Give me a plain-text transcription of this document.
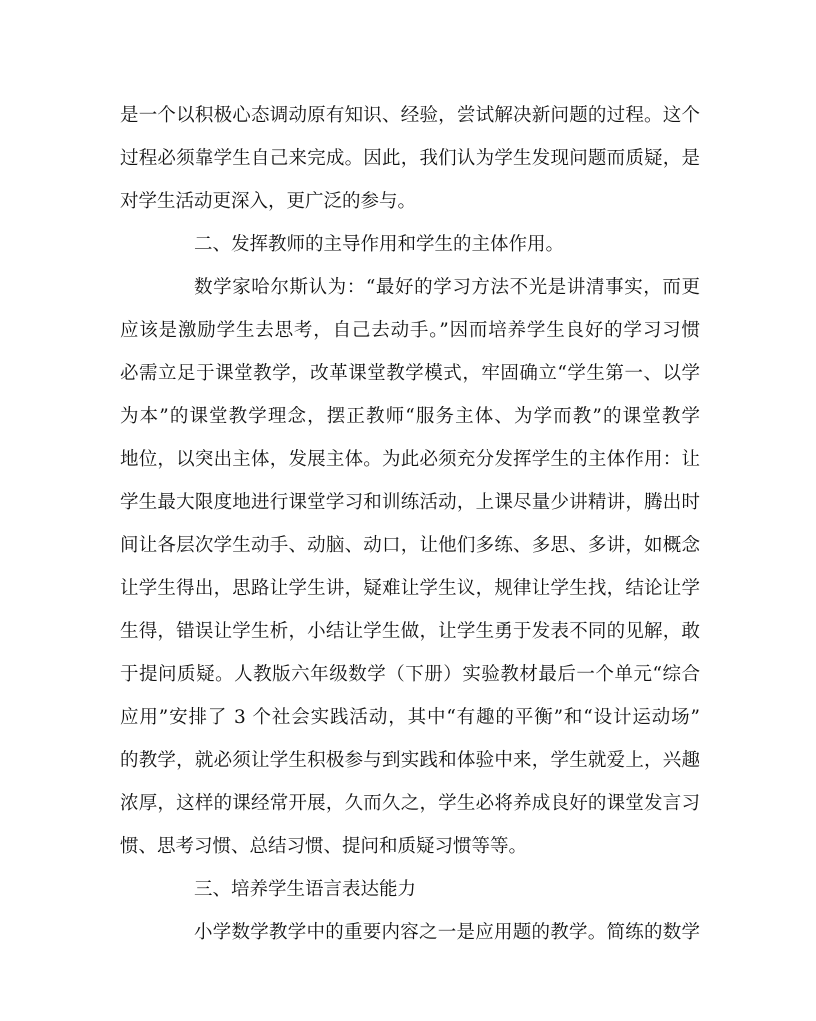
是一个以积极心态调动原有知识、经验，尝试解决新问题的过程。这个
过程必须靠学生自己来完成。因此，我们认为学生发现问题而质疑，是
对学生活动更深入，更广泛的参与。
二、发挥教师的主导作用和学生的主体作用。
数学家哈尔斯认为：“最好的学习方法不光是讲清事实，而更
应该是激励学生去思考，自己去动手。”因而培养学生良好的学习习惯
必需立足于课堂教学，改革课堂教学模式，牢固确立“学生第一、以学
为本”的课堂教学理念，摆正教师“服务主体、为学而教”的课堂教学
地位，以突出主体，发展主体。为此必须充分发挥学生的主体作用：让
学生最大限度地进行课堂学习和训练活动，上课尽量少讲精讲，腾出时
间让各层次学生动手、动脑、动口，让他们多练、多思、多讲，如概念
让学生得出，思路让学生讲，疑难让学生议，规律让学生找，结论让学
生得，错误让学生析，小结让学生做，让学生勇于发表不同的见解，敢
于提问质疑。人教版六年级数学（下册）实验教材最后一个单元“综合
应用”安排了 3 个社会实践活动，其中“有趣的平衡”和“设计运动场”
的教学，就必须让学生积极参与到实践和体验中来，学生就爱上，兴趣
浓厚，这样的课经常开展，久而久之，学生必将养成良好的课堂发言习
惯、思考习惯、总结习惯、提问和质疑习惯等等。
三、培养学生语言表达能力
小学数学教学中的重要内容之一是应用题的教学。简练的数学
